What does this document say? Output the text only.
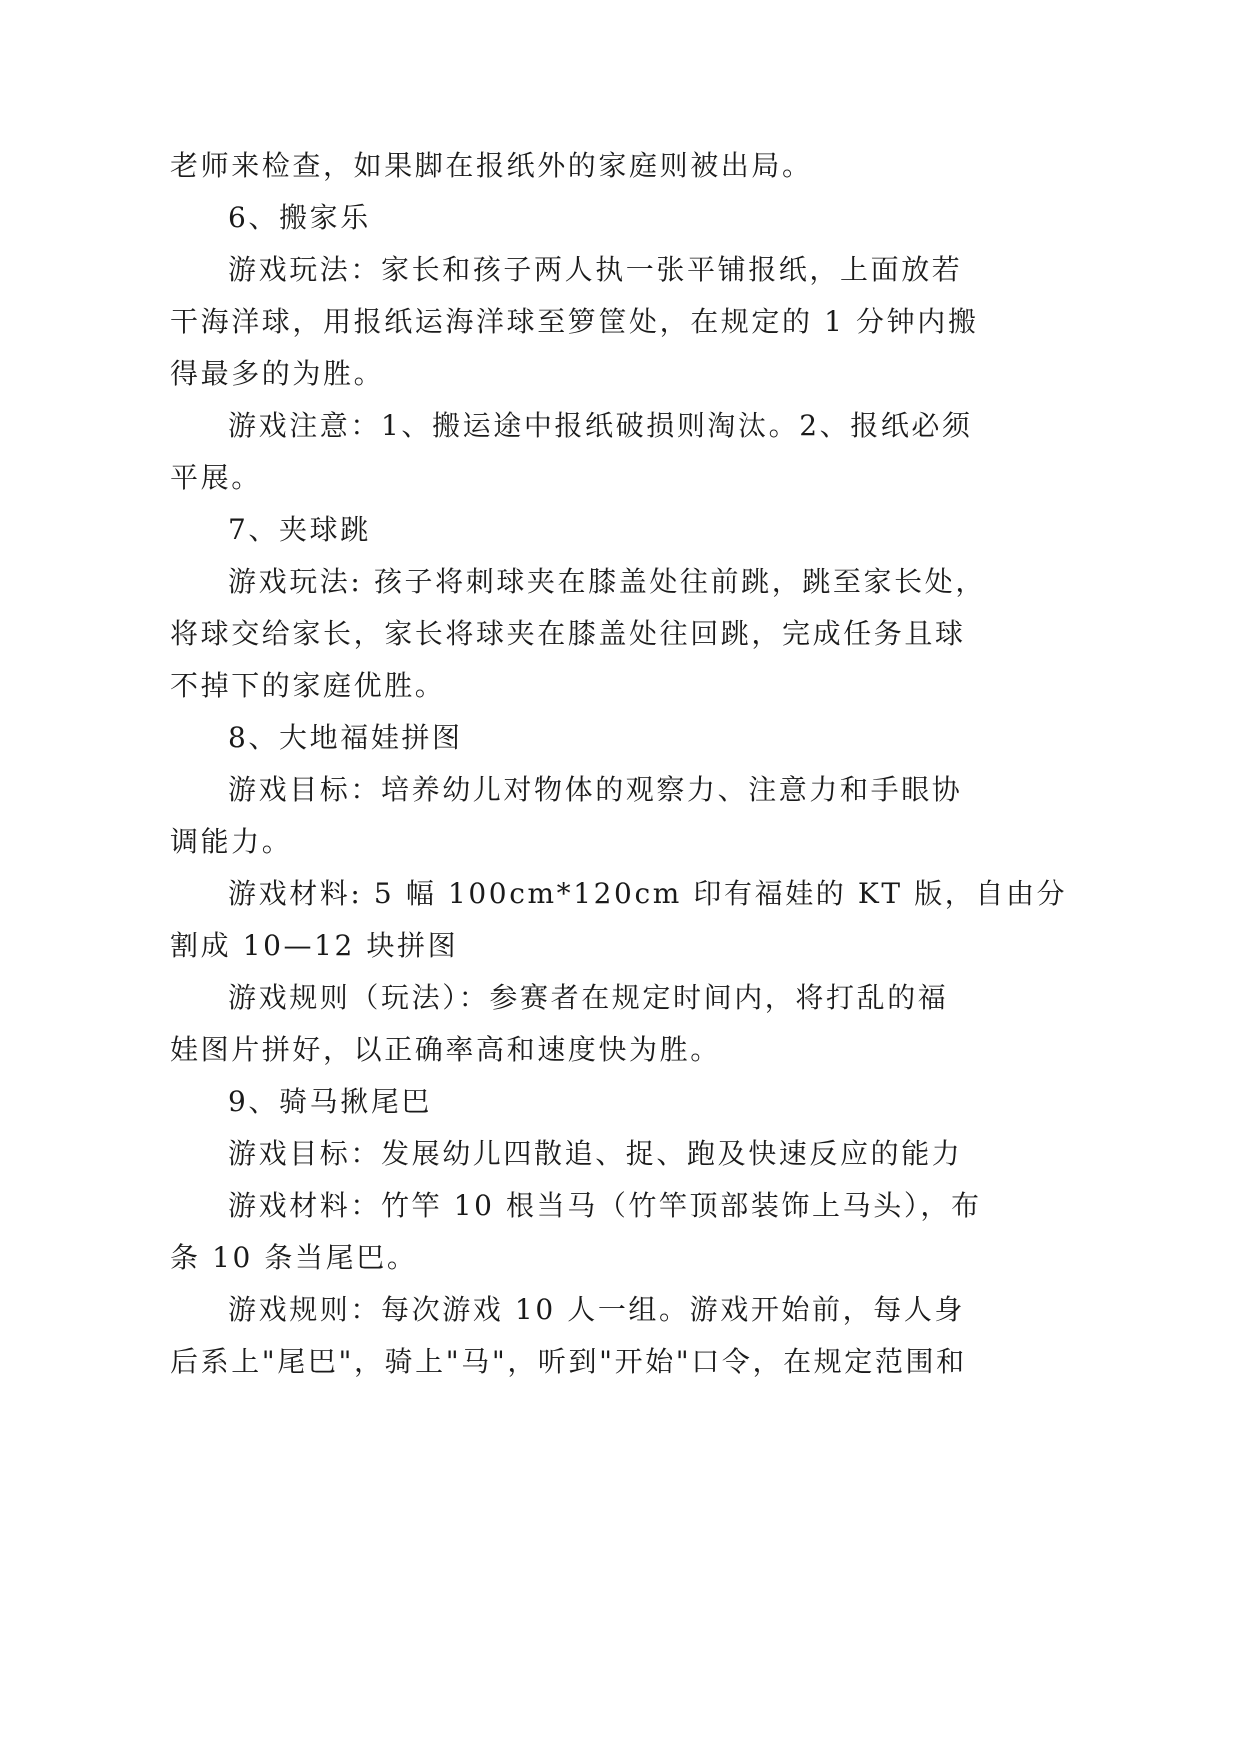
老师来检查，如果脚在报纸外的家庭则被出局。
6、搬家乐
游戏玩法：家长和孩子两人执一张平铺报纸，上面放若
干海洋球，用报纸运海洋球至箩筐处，在规定的 1 分钟内搬
得最多的为胜。
游戏注意：1、搬运途中报纸破损则淘汰。2、报纸必须
平展。
7、夹球跳
游戏玩法: 孩子将刺球夹在膝盖处往前跳，跳至家长处，
将球交给家长，家长将球夹在膝盖处往回跳，完成任务且球
不掉下的家庭优胜。
8、大地福娃拼图
游戏目标：培养幼儿对物体的观察力、注意力和手眼协
调能力。
游戏材料: 5 幅 100cm*120cm 印有福娃的 KT 版，自由分
割成 10—12 块拼图
游戏规则（玩法）：参赛者在规定时间内，将打乱的福
娃图片拼好，以正确率高和速度快为胜。
9、骑马揪尾巴
游戏目标：发展幼儿四散追、捉、跑及快速反应的能力
游戏材料：竹竿 10 根当马（竹竿顶部装饰上马头），布
条 10 条当尾巴。
游戏规则：每次游戏 10 人一组。游戏开始前，每人身
后系上"尾巴"，骑上"马"，听到"开始"口令，在规定范围和
